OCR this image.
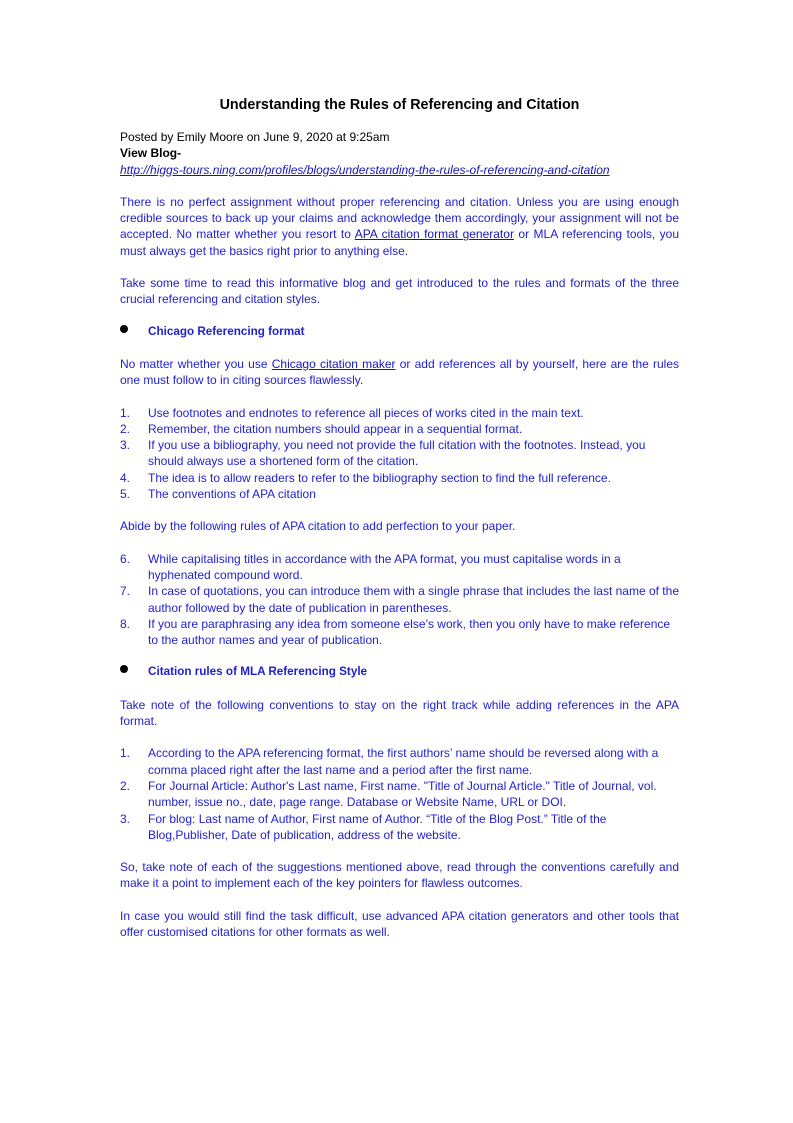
Understanding the Rules of Referencing and Citation

Posted by Emily Moore on June 9, 2020 at 9:25am

View Blog-

http://higgs-tours.ning.com/profiles/blogs/understanding-the-rules-of-referencing-and-citation

There is no perfect assignment without proper referencing and citation. Unless you are using enough credible sources to back up your claims and acknowledge them accordingly, your assignment will not be accepted. No matter whether you resort to APA citation format generator or MLA referencing tools, you must always get the basics right prior to anything else.

Take some time to read this informative blog and get introduced to the rules and formats of the three crucial referencing and citation styles.

Chicago Referencing format

No matter whether you use Chicago citation maker or add references all by yourself, here are the rules one must follow to in citing sources flawlessly.

1. Use footnotes and endnotes to reference all pieces of works cited in the main text.
2. Remember, the citation numbers should appear in a sequential format.
3. If you use a bibliography, you need not provide the full citation with the footnotes. Instead, you should always use a shortened form of the citation.
4. The idea is to allow readers to refer to the bibliography section to find the full reference.
5. The conventions of APA citation

Abide by the following rules of APA citation to add perfection to your paper.

6. While capitalising titles in accordance with the APA format, you must capitalise words in a hyphenated compound word.
7. In case of quotations, you can introduce them with a single phrase that includes the last name of the author followed by the date of publication in parentheses.
8. If you are paraphrasing any idea from someone else’s work, then you only have to make reference to the author names and year of publication.
Citation rules of MLA Referencing Style

Take note of the following conventions to stay on the right track while adding references in the APA format.

1. According to the APA referencing format, the first authors’ name should be reversed along with a comma placed right after the last name and a period after the first name.
2. For Journal Article: Author's Last name, First name. "Title of Journal Article." Title of Journal, vol. number, issue no., date, page range. Database or Website Name, URL or DOI.
3. For blog: Last name of Author, First name of Author. “Title of the Blog Post.” Title of the Blog,Publisher, Date of publication, address of the website.

So, take note of each of the suggestions mentioned above, read through the conventions carefully and make it a point to implement each of the key pointers for flawless outcomes.

In case you would still find the task difficult, use advanced APA citation generators and other tools that offer customised citations for other formats as well.
